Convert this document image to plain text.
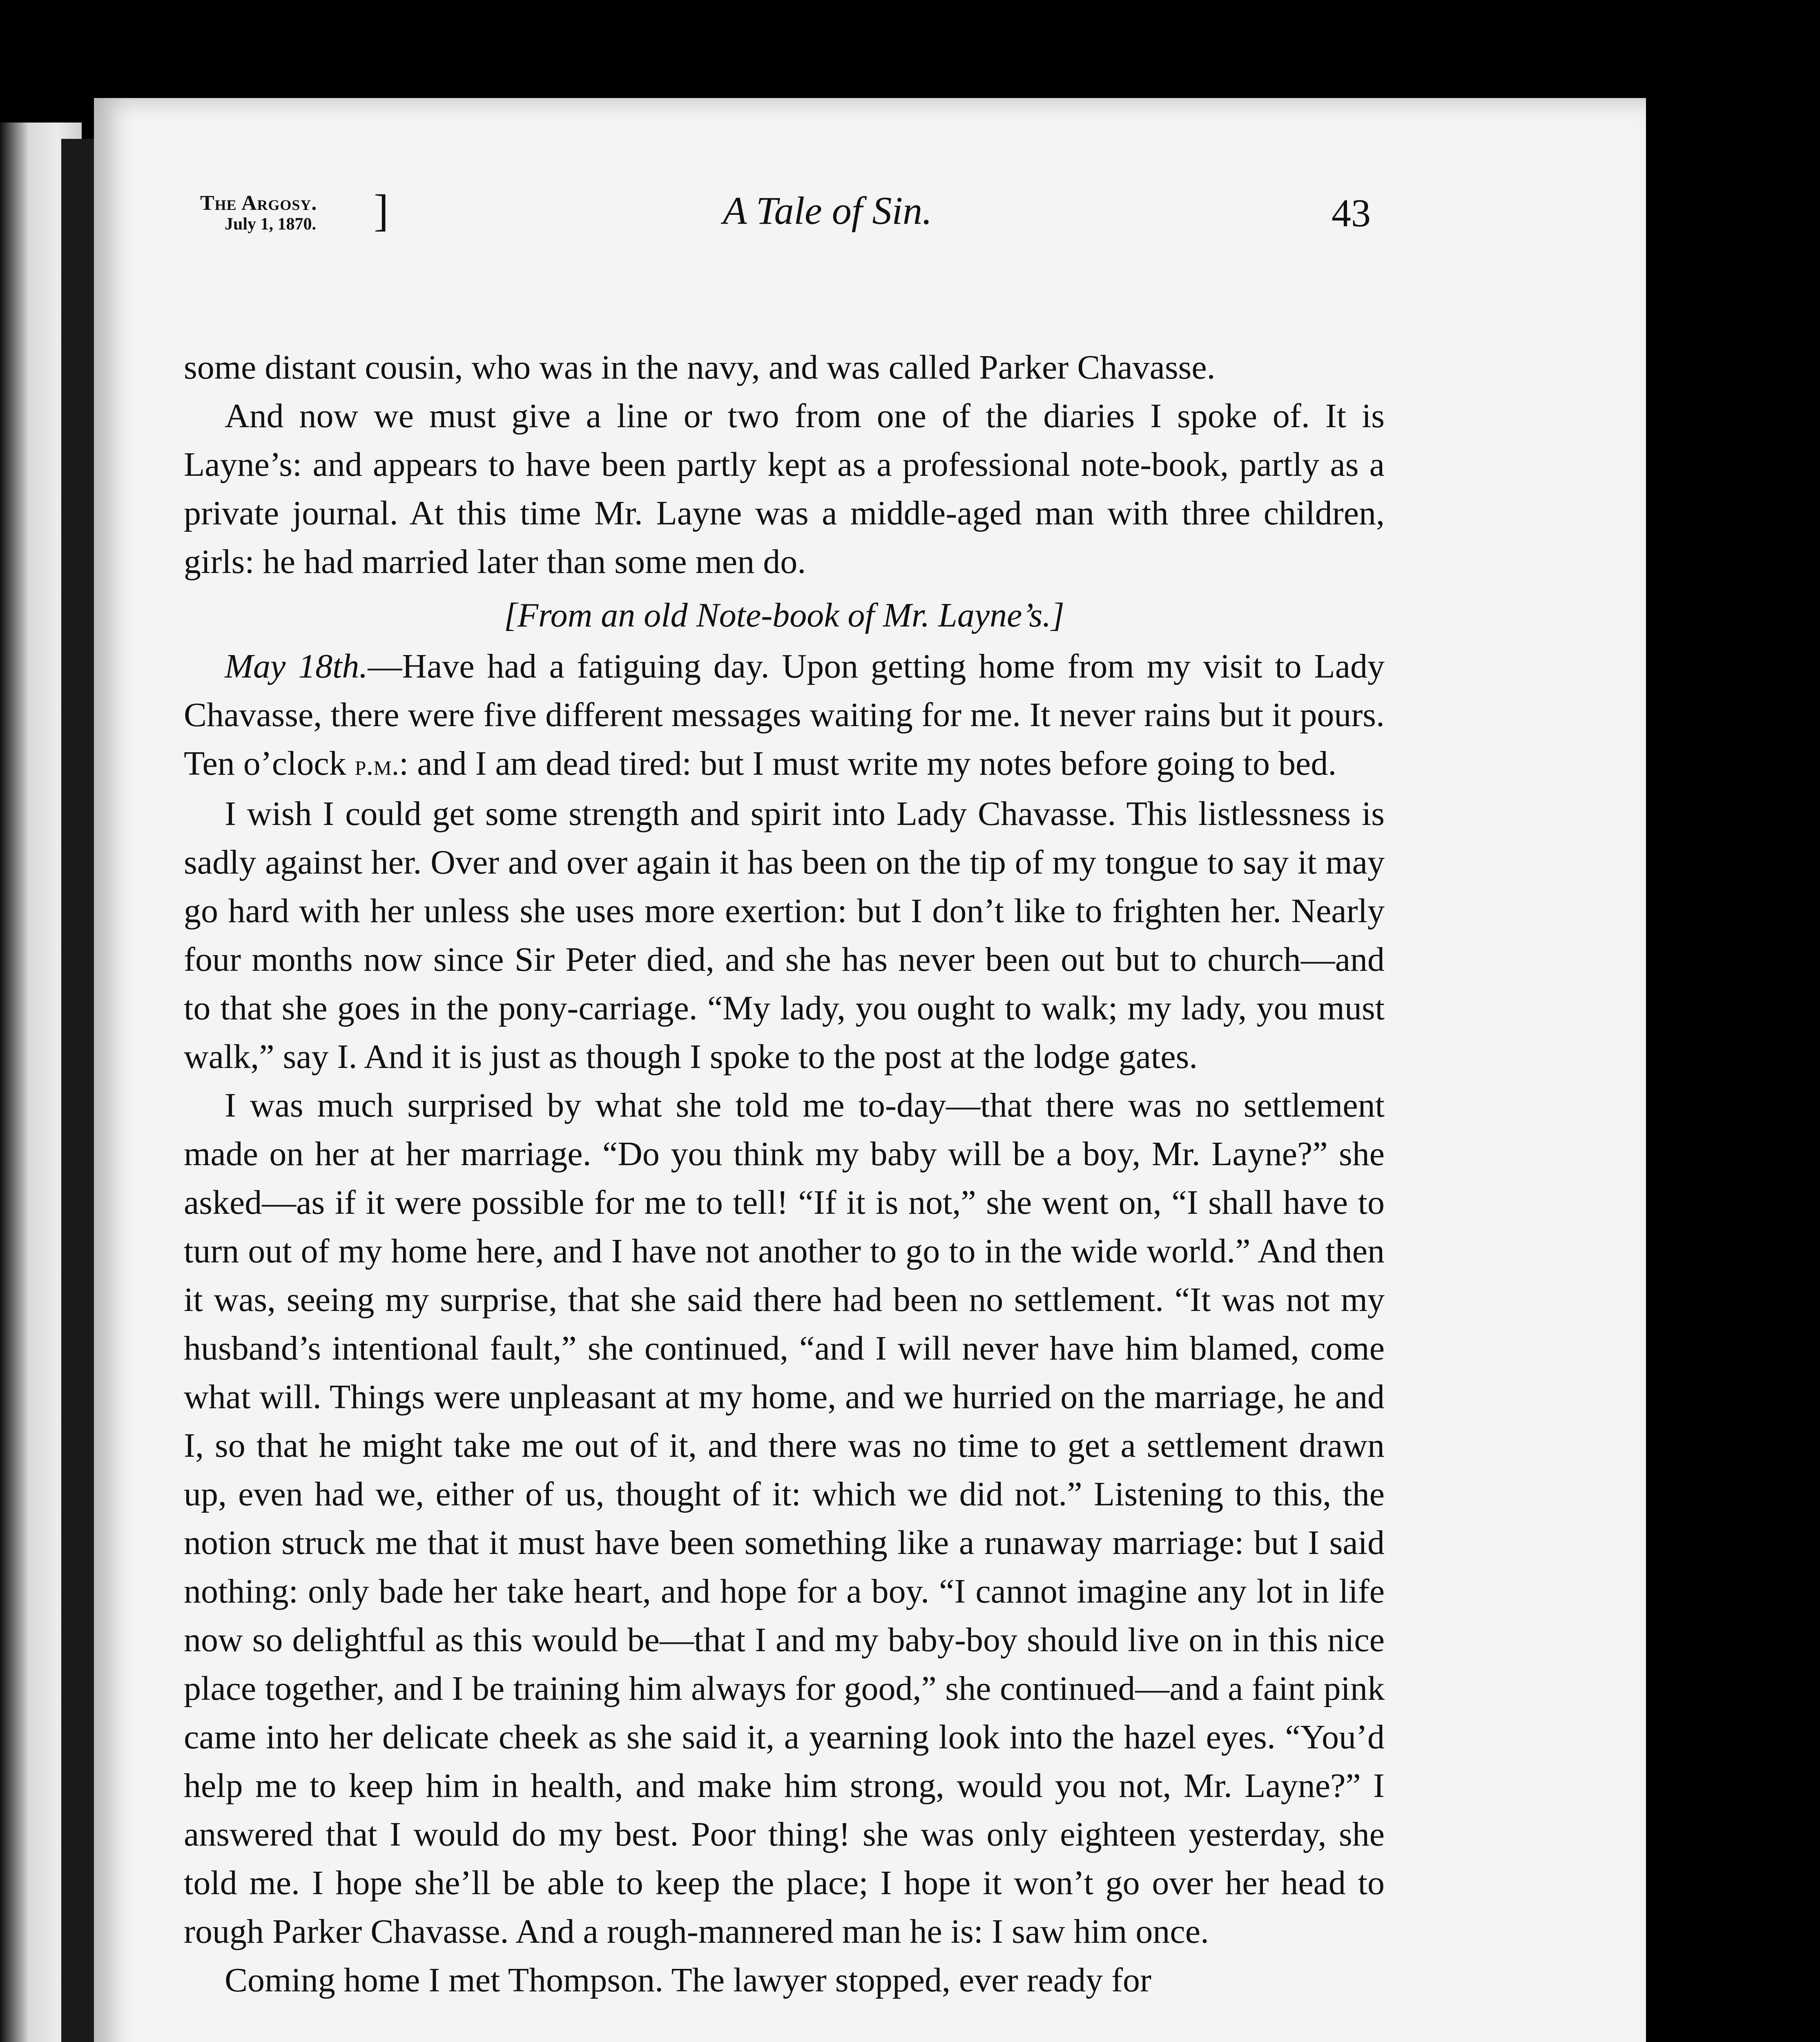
The Argosy.
July 1, 1870.	]	A Tale of Sin.	43

some distant cousin, who was in the navy, and was called Parker Chavasse.

And now we must give a line or two from one of the diaries I spoke of. It is Layne’s: and appears to have been partly kept as a professional note-book, partly as a private journal. At this time Mr. Layne was a middle-aged man with three children, girls: he had married later than some men do.

[From an old Note-book of Mr. Layne’s.]

May 18th.—Have had a fatiguing day. Upon getting home from my visit to Lady Chavasse, there were five different messages waiting for me. It never rains but it pours. Ten o’clock p.m.: and I am dead tired: but I must write my notes before going to bed.

I wish I could get some strength and spirit into Lady Chavasse. This listlessness is sadly against her. Over and over again it has been on the tip of my tongue to say it may go hard with her unless she uses more exertion: but I don’t like to frighten her. Nearly four months now since Sir Peter died, and she has never been out but to church—and to that she goes in the pony-carriage. “My lady, you ought to walk; my lady, you must walk,” say I. And it is just as though I spoke to the post at the lodge gates.

I was much surprised by what she told me to-day—that there was no settlement made on her at her marriage. “Do you think my baby will be a boy, Mr. Layne?” she asked—as if it were possible for me to tell! “If it is not,” she went on, “I shall have to turn out of my home here, and I have not another to go to in the wide world.” And then it was, seeing my surprise, that she said there had been no settlement. “It was not my husband’s intentional fault,” she continued, “and I will never have him blamed, come what will. Things were unpleasant at my home, and we hurried on the marriage, he and I, so that he might take me out of it, and there was no time to get a settlement drawn up, even had we, either of us, thought of it: which we did not.” Listening to this, the notion struck me that it must have been something like a runaway marriage: but I said nothing: only bade her take heart, and hope for a boy. “I cannot imagine any lot in life now so delightful as this would be—that I and my baby-boy should live on in this nice place together, and I be training him always for good,” she continued—and a faint pink came into her delicate cheek as she said it, a yearning look into the hazel eyes. “You’d help me to keep him in health, and make him strong, would you not, Mr. Layne?” I answered that I would do my best. Poor thing! she was only eighteen yesterday, she told me. I hope she’ll be able to keep the place; I hope it won’t go over her head to rough Parker Chavasse. And a rough-mannered man he is: I saw him once.

Coming home I met Thompson. The lawyer stopped, ever ready for
